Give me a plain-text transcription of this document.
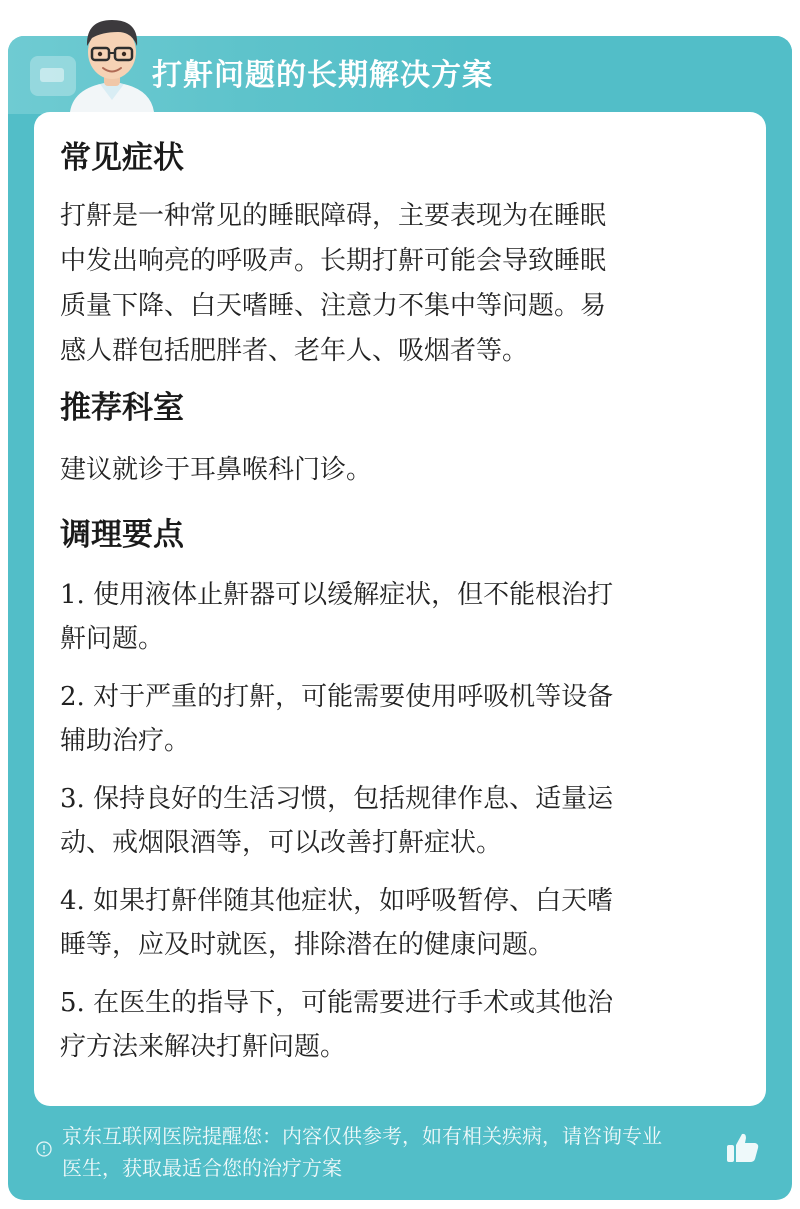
打鼾问题的长期解决方案
常见症状

打鼾是一种常见的睡眠障碍，主要表现为在睡眠

中发出响亮的呼吸声。长期打鼾可能会导致睡眠

质量下降、白天嗜睡、注意力不集中等问题。易

感人群包括肥胖者、老年人、吸烟者等。

推荐科室

建议就诊于耳鼻喉科门诊。

调理要点

1. 使用液体止鼾器可以缓解症状，但不能根治打

鼾问题。

2. 对于严重的打鼾，可能需要使用呼吸机等设备

辅助治疗。

3. 保持良好的生活习惯，包括规律作息、适量运

动、戒烟限酒等，可以改善打鼾症状。

4. 如果打鼾伴随其他症状，如呼吸暂停、白天嗜

睡等，应及时就医，排除潜在的健康问题。

5. 在医生的指导下，可能需要进行手术或其他治

疗方法来解决打鼾问题。

京东互联网医院提醒您：内容仅供参考，如有相关疾病，请咨询专业
医生，获取最适合您的治疗方案
